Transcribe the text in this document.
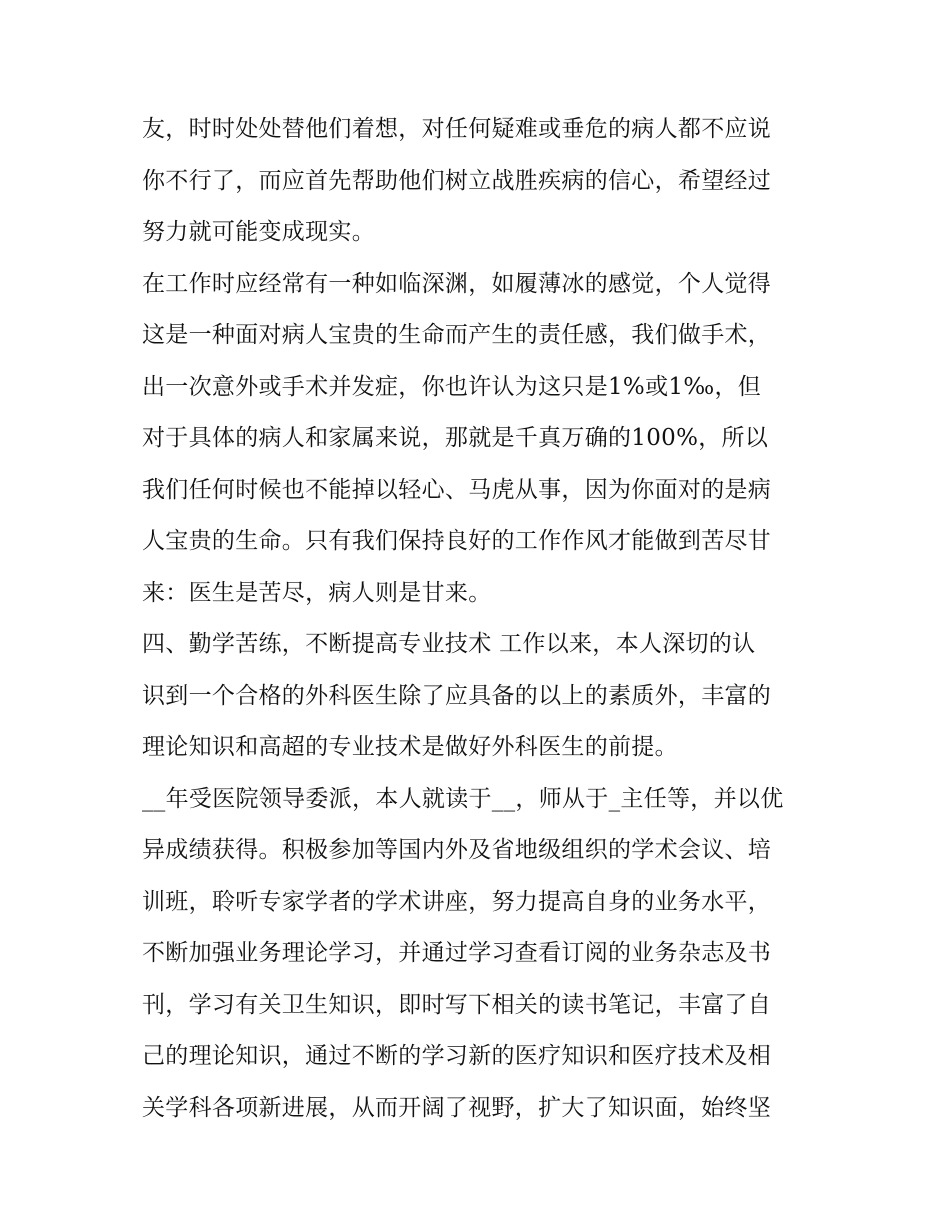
友，时时处处替他们着想，对任何疑难或垂危的病人都不应说
你不行了，而应首先帮助他们树立战胜疾病的信心，希望经过
努力就可能变成现实。
在工作时应经常有一种如临深渊，如履薄冰的感觉，个人觉得
这是一种面对病人宝贵的生命而产生的责任感，我们做手术，
出一次意外或手术并发症，你也许认为这只是1%或1‰，但
对于具体的病人和家属来说，那就是千真万确的100%，所以
我们任何时候也不能掉以轻心、马虎从事，因为你面对的是病
人宝贵的生命。只有我们保持良好的工作作风才能做到苦尽甘
来：医生是苦尽，病人则是甘来。
四、勤学苦练，不断提高专业技术 工作以来，本人深切的认
识到一个合格的外科医生除了应具备的以上的素质外，丰富的
理论知识和高超的专业技术是做好外科医生的前提。
__年受医院领导委派，本人就读于__，师从于_主任等，并以优
异成绩获得。积极参加等国内外及省地级组织的学术会议、培
训班，聆听专家学者的学术讲座，努力提高自身的业务水平，
不断加强业务理论学习，并通过学习查看订阅的业务杂志及书
刊，学习有关卫生知识，即时写下相关的读书笔记，丰富了自
己的理论知识，通过不断的学习新的医疗知识和医疗技术及相
关学科各项新进展，从而开阔了视野，扩大了知识面，始终坚
